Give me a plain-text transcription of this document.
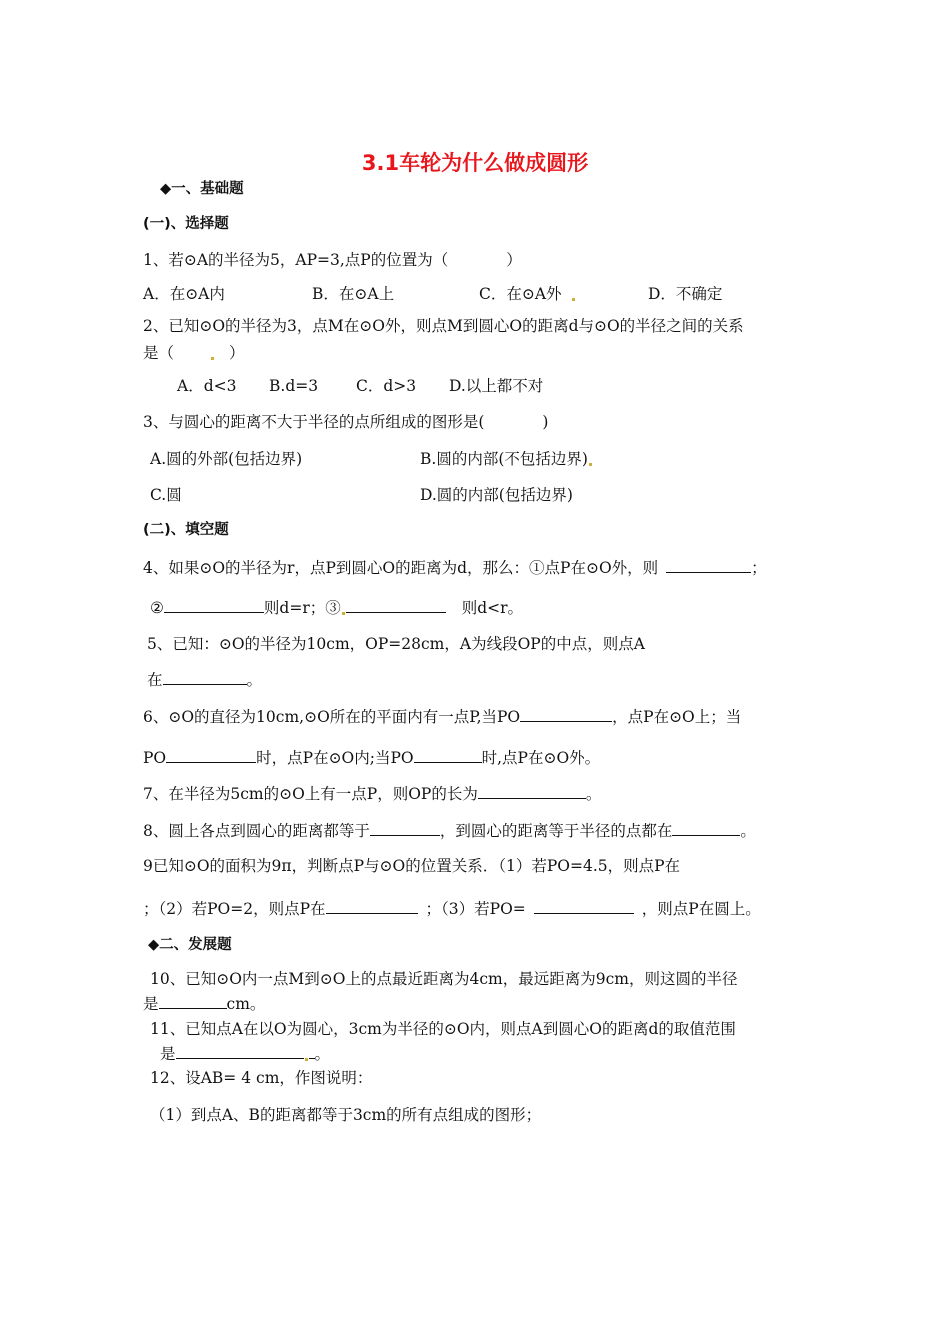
3.1车轮为什么做成圆形
◆一、基础题
(一)、选择题
1、若⊙A的半径为5，AP=3,点P的位置为（	）
A．在⊙A内	B．在⊙A上	C．在⊙A外	D．不确定
2、已知⊙O的半径为3，点M在⊙O外，则点M到圆心O的距离d与⊙O的半径之间的关系
是（	）
A．d<3 B.d=3 C．d>3 D.以上都不对
3、与圆心的距离不大于半径的点所组成的图形是(	)
A.圆的外部(包括边界)	B.圆的内部(不包括边界)
C.圆	D.圆的内部(包括边界)
(二)、填空题
4、如果⊙O的半径为r，点P到圆心O的距离为d，那么：①点P在⊙O外，则	；
②	则d=r；③	则d<r。
5、已知：⊙O的半径为10cm，OP=28cm，A为线段OP的中点，则点A
在	。
6、⊙O的直径为10cm,⊙O所在的平面内有一点P,当PO	，点P在⊙O上；当
PO	时，点P在⊙O内;当PO	时,点P在⊙O外。
7、在半径为5cm的⊙O上有一点P，则OP的长为	。
8、圆上各点到圆心的距离都等于	，到圆心的距离等于半径的点都在	。
9已知⊙O的面积为9π，判断点P与⊙O的位置关系．（1）若PO=4.5，则点P在
；（2）若PO=2，则点P在	；（3）若PO=	，则点P在圆上。
◆二、发展题
10、已知⊙O内一点M到⊙O上的点最近距离为4cm，最远距离为9cm，则这圆的半径
是	cm。
11、已知点A在以O为圆心，3cm为半径的⊙O内，则点A到圆心O的距离d的取值范围
是	。
12、设AB= 4 cm，作图说明：
（1）到点A、B的距离都等于3cm的所有点组成的图形；
